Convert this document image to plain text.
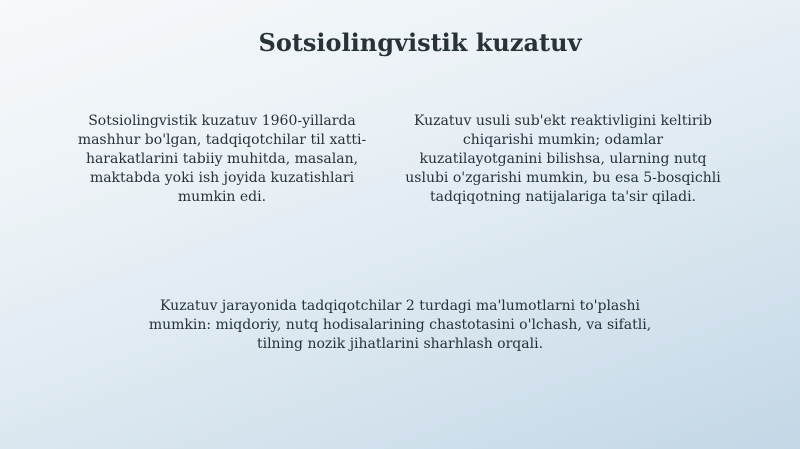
Sotsiolingvistik kuzatuv

Sotsiolingvistik kuzatuv 1960-yillarda mashhur bo'lgan, tadqiqotchilar til xatti-harakatlarini tabiiy muhitda, masalan, maktabda yoki ish joyida kuzatishlari mumkin edi.

Kuzatuv usuli sub'ekt reaktivligini keltirib chiqarishi mumkin; odamlar kuzatilayotganini bilishsa, ularning nutq uslubi o'zgarishi mumkin, bu esa 5-bosqichli tadqiqotning natijalariga ta'sir qiladi.

Kuzatuv jarayonida tadqiqotchilar 2 turdagi ma'lumotlarni to'plashi mumkin: miqdoriy, nutq hodisalarining chastotasini o'lchash, va sifatli, tilning nozik jihatlarini sharhlash orqali.
